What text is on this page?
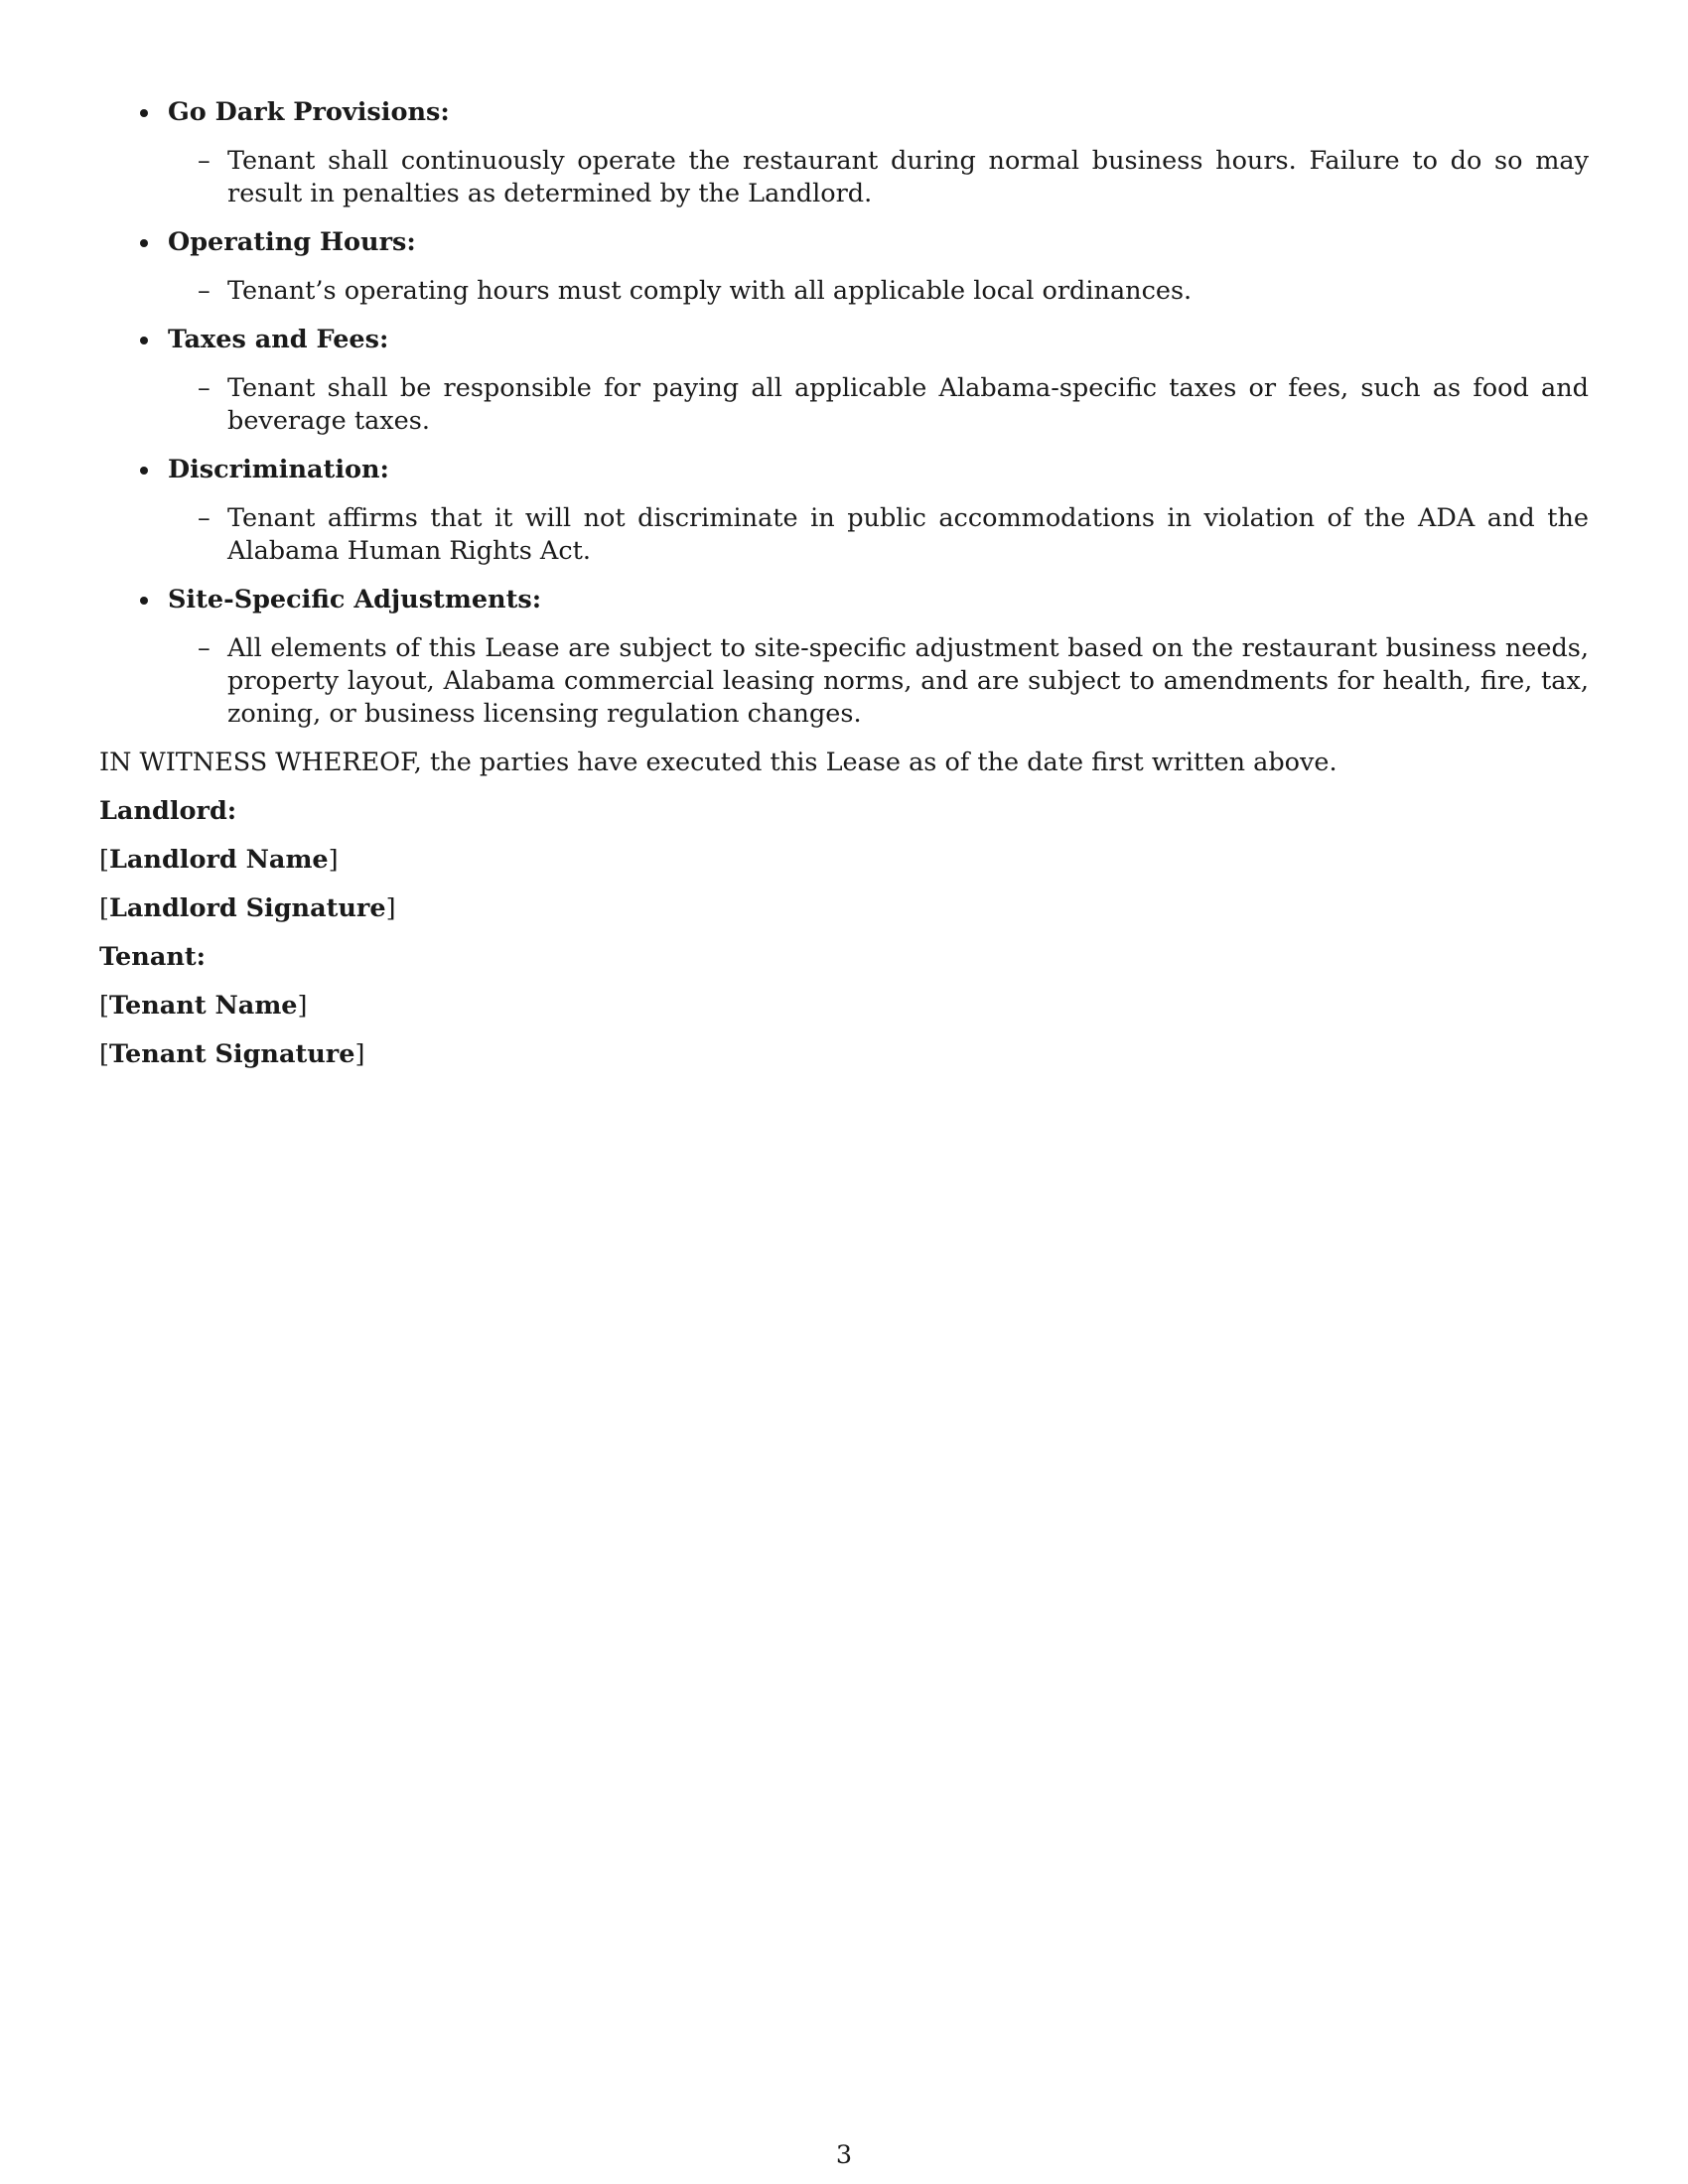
Go Dark Provisions:
– Tenant shall continuously operate the restaurant during normal business hours. Failure to do so may result in penalties as determined by the Landlord.
Operating Hours:
– Tenant’s operating hours must comply with all applicable local ordinances.
Taxes and Fees:
– Tenant shall be responsible for paying all applicable Alabama-specific taxes or fees, such as food and beverage taxes.
Discrimination:
– Tenant affirms that it will not discriminate in public accommodations in violation of the ADA and the Alabama Human Rights Act.
Site-Specific Adjustments:
– All elements of this Lease are subject to site-specific adjustment based on the restaurant business needs, property layout, Alabama commercial leasing norms, and are subject to amendments for health, fire, tax, zoning, or business licensing regulation changes.

IN WITNESS WHEREOF, the parties have executed this Lease as of the date first written above.

Landlord:

[Landlord Name]

[Landlord Signature]

Tenant:

[Tenant Name]

[Tenant Signature]

3
